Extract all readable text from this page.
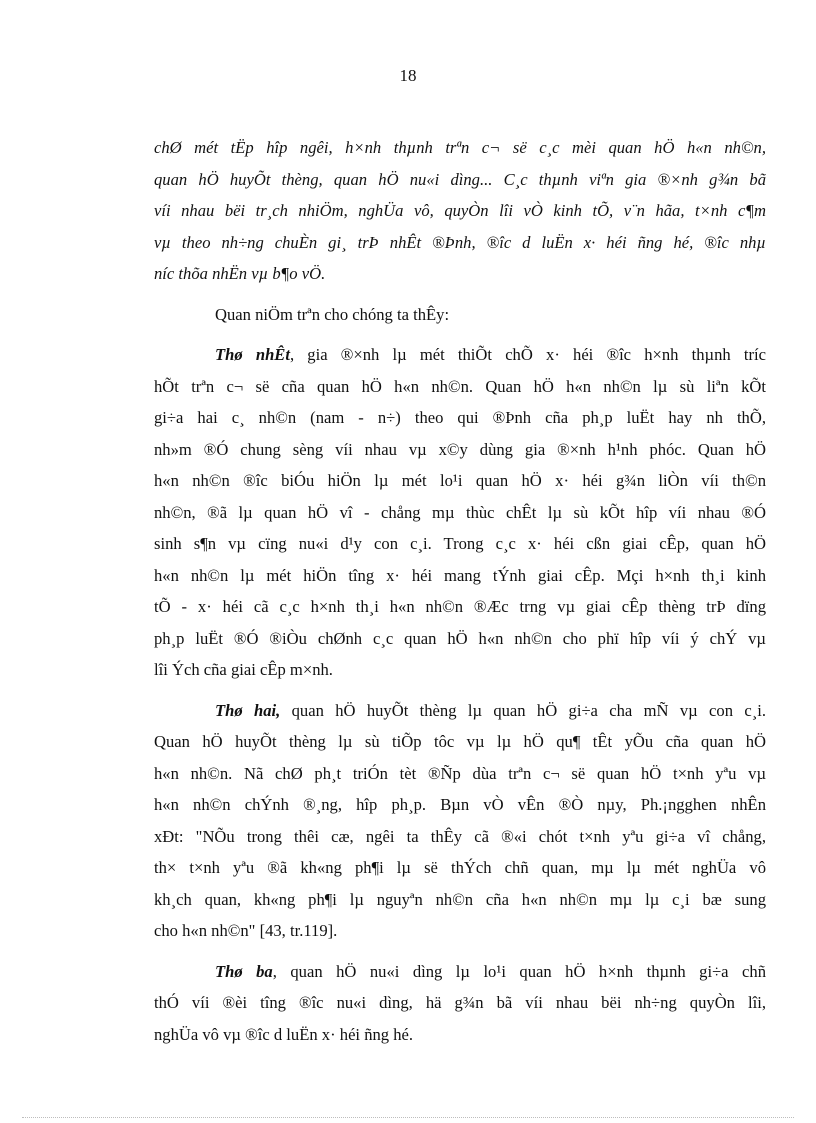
18
chØ mét tËp hîp ngêi, h×nh thµnh trªn c¬ së c¸c mèi quan hÖ h«n nh©n,
quan hÖ huyÕt thèng, quan hÖ nu«i dìng... C¸c thµnh viªn gia ®×nh g¾n bã
víi nhau bëi tr¸ch nhiÖm, nghÜa vô, quyÒn lîi vÒ kinh tÕ, v¨n hãa, t×nh c¶m
vµ theo nh÷ng chuÈn gi¸ trÞ nhÊt ®Þnh, ®îc d luËn x· héi ñng hé, ®îc nhµ
níc thõa nhËn vµ b¶o vÖ.
Quan niÖm trªn cho chóng ta thÊy:
Thø nhÊt, gia ®×nh lµ mét thiÕt chÕ x· héi ®îc h×nh thµnh tríc
hÕt trªn c¬ së cña quan hÖ h«n nh©n. Quan hÖ h«n nh©n lµ sù liªn kÕt
gi÷a hai c¸ nh©n (nam - n÷) theo qui ®Þnh cña ph¸p luËt hay nh thÕ,
nh»m ®Ó chung sèng víi nhau vµ x©y dùng gia ®×nh h¹nh phóc. Quan hÖ
h«n nh©n ®îc biÓu hiÖn lµ mét lo¹i quan hÖ x· héi g¾n liÒn víi th©n
nh©n, ®ã lµ quan hÖ vî - chång mµ thùc chÊt lµ sù kÕt hîp víi nhau ®Ó
sinh s¶n vµ cïng nu«i d¹y con c¸i. Trong c¸c x· héi cßn giai cÊp, quan hÖ
h«n nh©n lµ mét hiÖn tîng x· héi mang tÝnh giai cÊp. Mçi h×nh th¸i kinh
tÕ - x· héi cã c¸c h×nh th¸i h«n nh©n ®Æc trng vµ giai cÊp thèng trÞ dïng
ph¸p luËt ®Ó ®iÒu chØnh c¸c quan hÖ h«n nh©n cho phï hîp víi ý chÝ vµ
lîi Ých cña giai cÊp m×nh.
Thø hai, quan hÖ huyÕt thèng lµ quan hÖ gi÷a cha mÑ vµ con c¸i.
Quan hÖ huyÕt thèng lµ sù tiÕp tôc vµ lµ hÖ qu¶ tÊt yÕu cña quan hÖ
h«n nh©n. Nã chØ ph¸t triÓn tèt ®Ñp dùa trªn c¬ së quan hÖ t×nh yªu vµ
h«n nh©n chÝnh ®¸ng, hîp ph¸p. Bµn vÒ vÊn ®Ò nµy, Ph.¡ngghen nhÊn
xÐt: "NÕu trong thêi cæ, ngêi ta thÊy cã ®«i chót t×nh yªu gi÷a vî chång,
th× t×nh yªu ®ã kh«ng ph¶i lµ së thÝch chñ quan, mµ lµ mét nghÜa vô
kh¸ch quan, kh«ng ph¶i lµ nguyªn nh©n cña h«n nh©n mµ lµ c¸i bæ sung
cho h«n nh©n" [43, tr.119].
Thø ba, quan hÖ nu«i dìng lµ lo¹i quan hÖ h×nh thµnh gi÷a chñ
thÓ víi ®èi tîng ®îc nu«i dìng, hä g¾n bã víi nhau bëi nh÷ng quyÒn lîi,
nghÜa vô vµ ®îc d luËn x· héi ñng hé.
